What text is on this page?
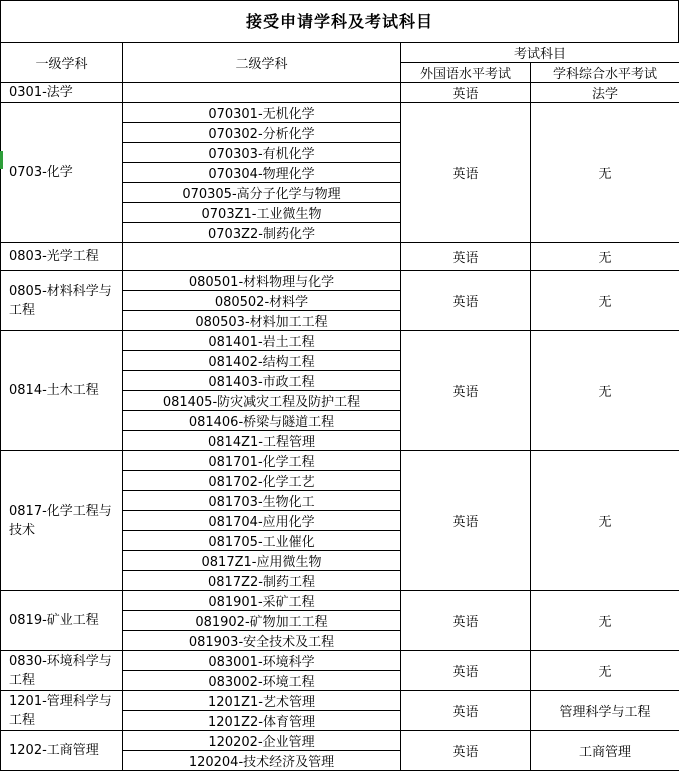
接受申请学科及考试科目
一级学科	二级学科	考试科目	
		外国语水平考试	学科综合水平考试
0301-法学		英语	法学
0703-化学	070301-无机化学	英语	无
	070302-分析化学		
	070303-有机化学		
	070304-物理化学		
	070305-高分子化学与物理		
	0703Z1-工业微生物		
	0703Z2-制药化学		
0803-光学工程		英语	无
0805-材料科学与工程	080501-材料物理与化学	英语	无
	080502-材料学		
	080503-材料加工工程		
0814-土木工程	081401-岩土工程	英语	无
	081402-结构工程		
	081403-市政工程		
	081405-防灾减灾工程及防护工程		
	081406-桥梁与隧道工程		
	0814Z1-工程管理		
0817-化学工程与技术	081701-化学工程	英语	无
	081702-化学工艺		
	081703-生物化工		
	081704-应用化学		
	081705-工业催化		
	0817Z1-应用微生物		
	0817Z2-制药工程		
0819-矿业工程	081901-采矿工程	英语	无
	081902-矿物加工工程		
	081903-安全技术及工程		
0830-环境科学与工程	083001-环境科学	英语	无
	083002-环境工程		
1201-管理科学与工程	1201Z1-艺术管理	英语	管理科学与工程
	1201Z2-体育管理		
1202-工商管理	120202-企业管理	英语	工商管理
	120204-技术经济及管理		
